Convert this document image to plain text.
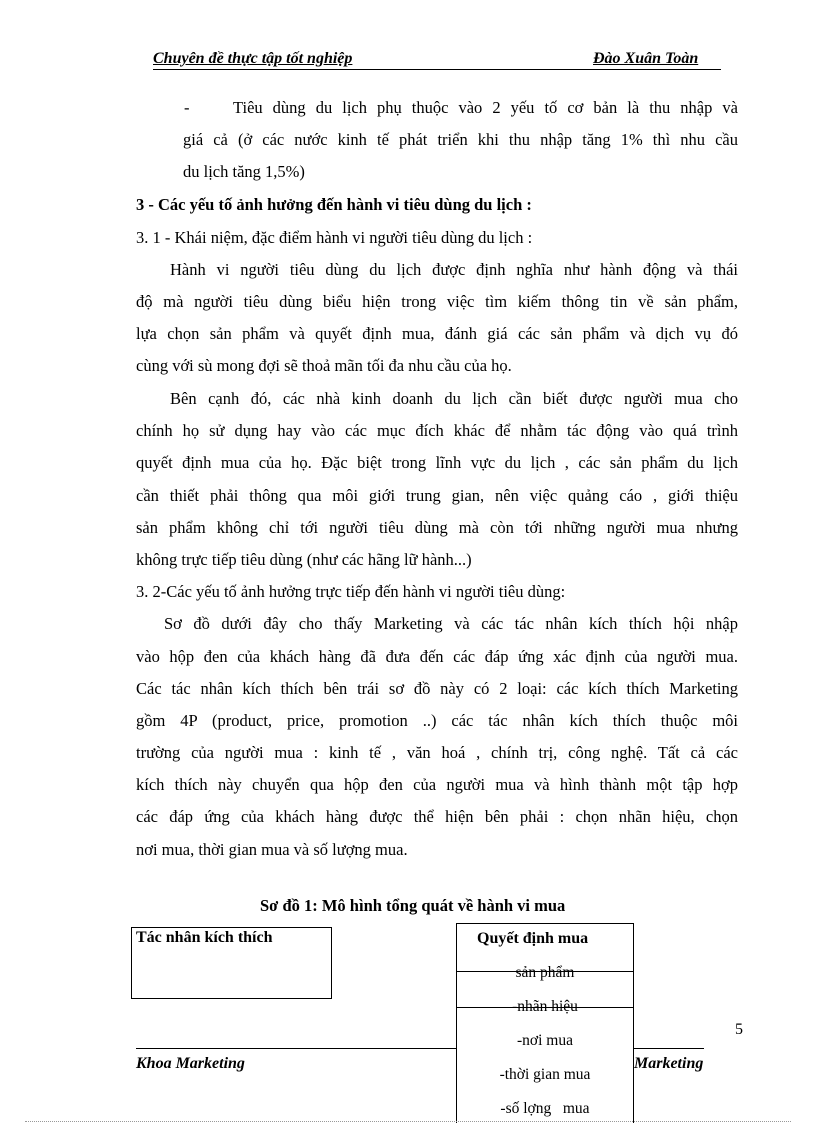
Chuyên đề thực tập tốt nghiệp	Đào Xuân Toàn
-	Tiêu dùng du lịch phụ thuộc vào 2 yếu tố cơ bản là thu nhập và
giá cả (ở các nước kinh tế phát triển khi thu nhập tăng 1% thì nhu cầu
du lịch tăng 1,5%)
3 - Các yếu tố ảnh hưởng đến hành vi tiêu dùng du lịch :
3. 1 - Khái niệm, đặc điểm hành vi người tiêu dùng du lịch :
Hành vi người tiêu dùng du lịch được định nghĩa như hành động và thái
độ mà người tiêu dùng biểu hiện trong việc tìm kiếm thông tin về sản phẩm,
lựa chọn sản phẩm và quyết định mua, đánh giá các sản phẩm và dịch vụ đó
cùng với sù mong đợi sẽ thoả mãn tối đa nhu cầu của họ.
Bên cạnh đó, các nhà kinh doanh du lịch cần biết được người mua cho
chính họ sử dụng hay vào các mục đích khác để nhằm tác động vào quá trình
quyết định mua của họ. Đặc biệt trong lĩnh vực du lịch , các sản phẩm du lịch
cần thiết phải thông qua môi giới trung gian, nên việc quảng cáo , giới thiệu
sản phẩm không chỉ tới người tiêu dùng mà còn tới những người mua nhưng
không trực tiếp tiêu dùng (như các hãng lữ hành...)
3. 2-Các yếu tố ảnh hưởng trực tiếp đến hành vi người tiêu dùng:
Sơ đồ dưới đây cho thấy Marketing và các tác nhân kích thích hội nhập
vào hộp đen của khách hàng đã đưa đến các đáp ứng xác định của người mua.
Các tác nhân kích thích bên trái sơ đồ này có 2 loại: các kích thích Marketing
gồm 4P (product, price, promotion ..) các tác nhân kích thích thuộc môi
trường của người mua : kinh tế , văn hoá , chính trị, công nghệ. Tất cả các
kích thích này chuyển qua hộp đen của người mua và hình thành một tập hợp
các đáp ứng của khách hàng được thể hiện bên phải : chọn nhãn hiệu, chọn
nơi mua, thời gian mua và số lượng mua.
Sơ đồ 1: Mô hình tổng quát về hành vi mua
Tác nhân kích thích	Quyết định mua
sản phẩm
-nhãn hiệu
-nơi mua
-thời gian mua
-số lợng   mua
5
Khoa Marketing	Marketing
